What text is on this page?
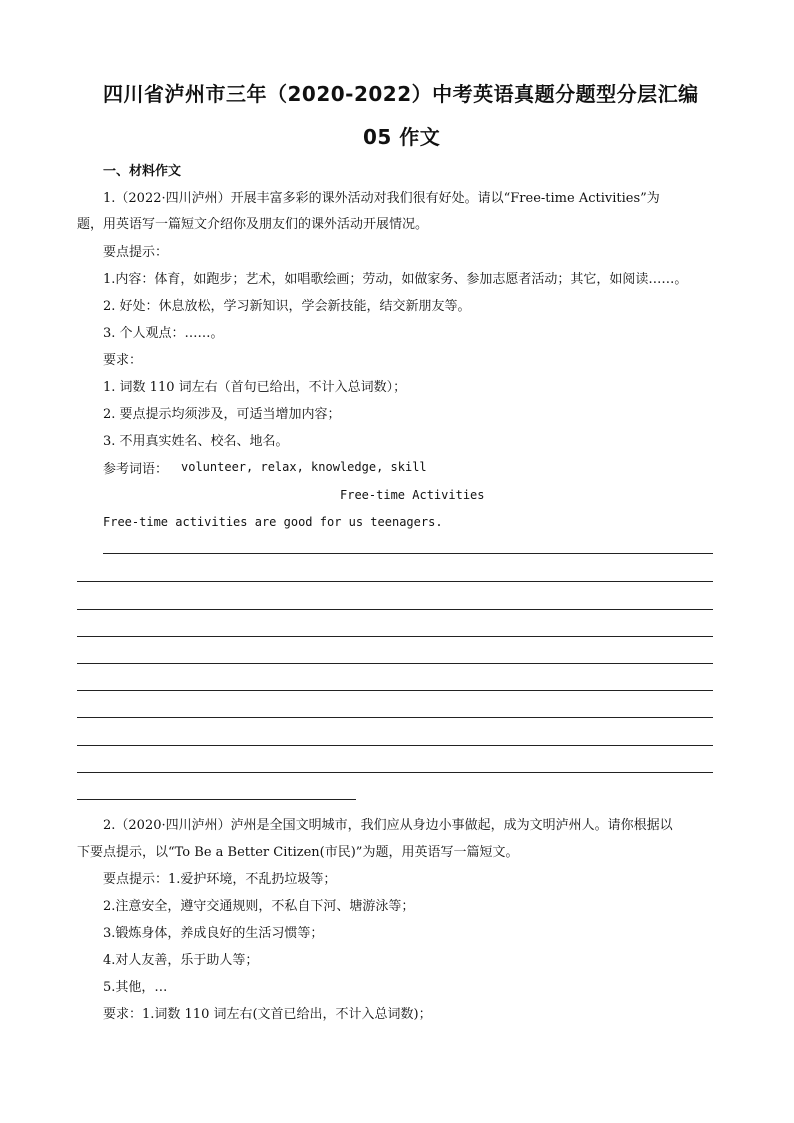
四川省泸州市三年（2020-2022）中考英语真题分题型分层汇编
05 作文
一、材料作文
1.（2022·四川泸州）开展丰富多彩的课外活动对我们很有好处。请以“Free-time Activities”为
题，用英语写一篇短文介绍你及朋友们的课外活动开展情况。
要点提示：
1.内容：体育，如跑步；艺术，如唱歌绘画；劳动，如做家务、参加志愿者活动；其它，如阅读……。
2. 好处：休息放松，学习新知识，学会新技能，结交新朋友等。
3. 个人观点：……。
要求：
1. 词数 110 词左右（首句已给出，不计入总词数）；
2. 要点提示均须涉及，可适当增加内容；
3. 不用真实姓名、校名、地名。
参考词语： volunteer, relax, knowledge, skill
Free-time Activities
Free-time activities are good for us teenagers.
2.（2020·四川泸州）泸州是全国文明城市，我们应从身边小事做起，成为文明泸州人。请你根据以
下要点提示，以“To Be a Better Citizen(市民)”为题，用英语写一篇短文。
要点提示：1.爱护环境，不乱扔垃圾等；
2.注意安全，遵守交通规则，不私自下河、塘游泳等；
3.锻炼身体，养成良好的生活习惯等；
4.对人友善，乐于助人等；
5.其他，…
要求：1.词数 110 词左右(文首已给出，不计入总词数)；
